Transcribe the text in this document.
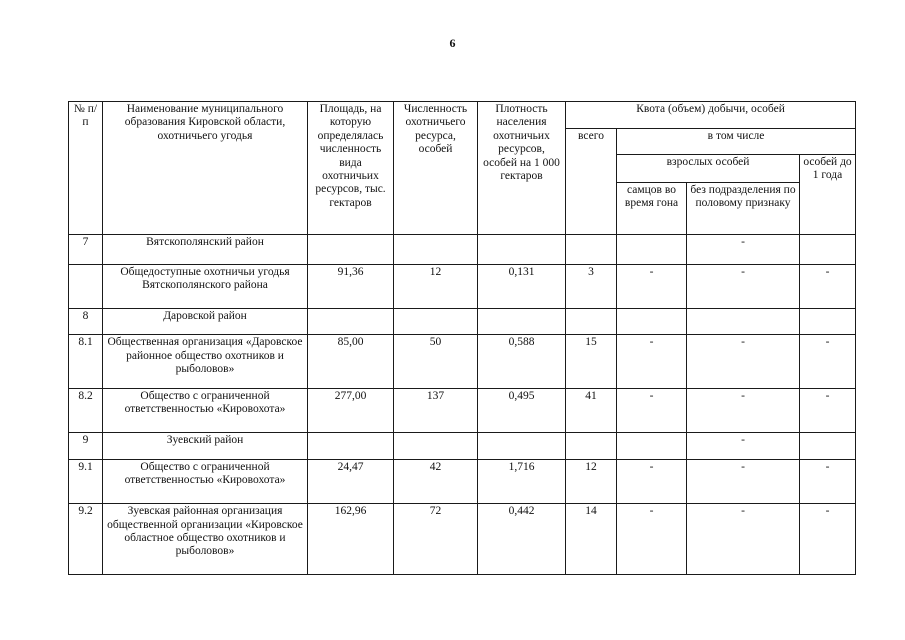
6
№ п/п	Наименование муниципального образования Кировской области, охотничьего угодья	Площадь, на которую определялась численность вида охотничьих ресурсов, тыс. гектаров	Численность охотничьего ресурса, особей	Плотность населения охотничьих ресурсов, особей на 1 000 гектаров	Квота (объем) добычи, особей			
					всего	в том числе		
						взрослых особей		особей до 1 года
						самцов во время гона	без подразделения по половому признаку	
7	Вятскополянский район						-	
	Общедоступные охотничьи угодья Вятскополянского района	91,36	12	0,131	3	-	-	-
8	Даровской район							
8.1	Общественная организация «Даровское районное общество охотников и рыболовов»	85,00	50	0,588	15	-	-	-
8.2	Общество с ограниченной ответственностью «Кировохота»	277,00	137	0,495	41	-	-	-
9	Зуевский район						-	
9.1	Общество с ограниченной ответственностью «Кировохота»	24,47	42	1,716	12	-	-	-
9.2	Зуевская районная организация общественной организации «Кировское областное общество охотников и рыболовов»	162,96	72	0,442	14	-	-	-
